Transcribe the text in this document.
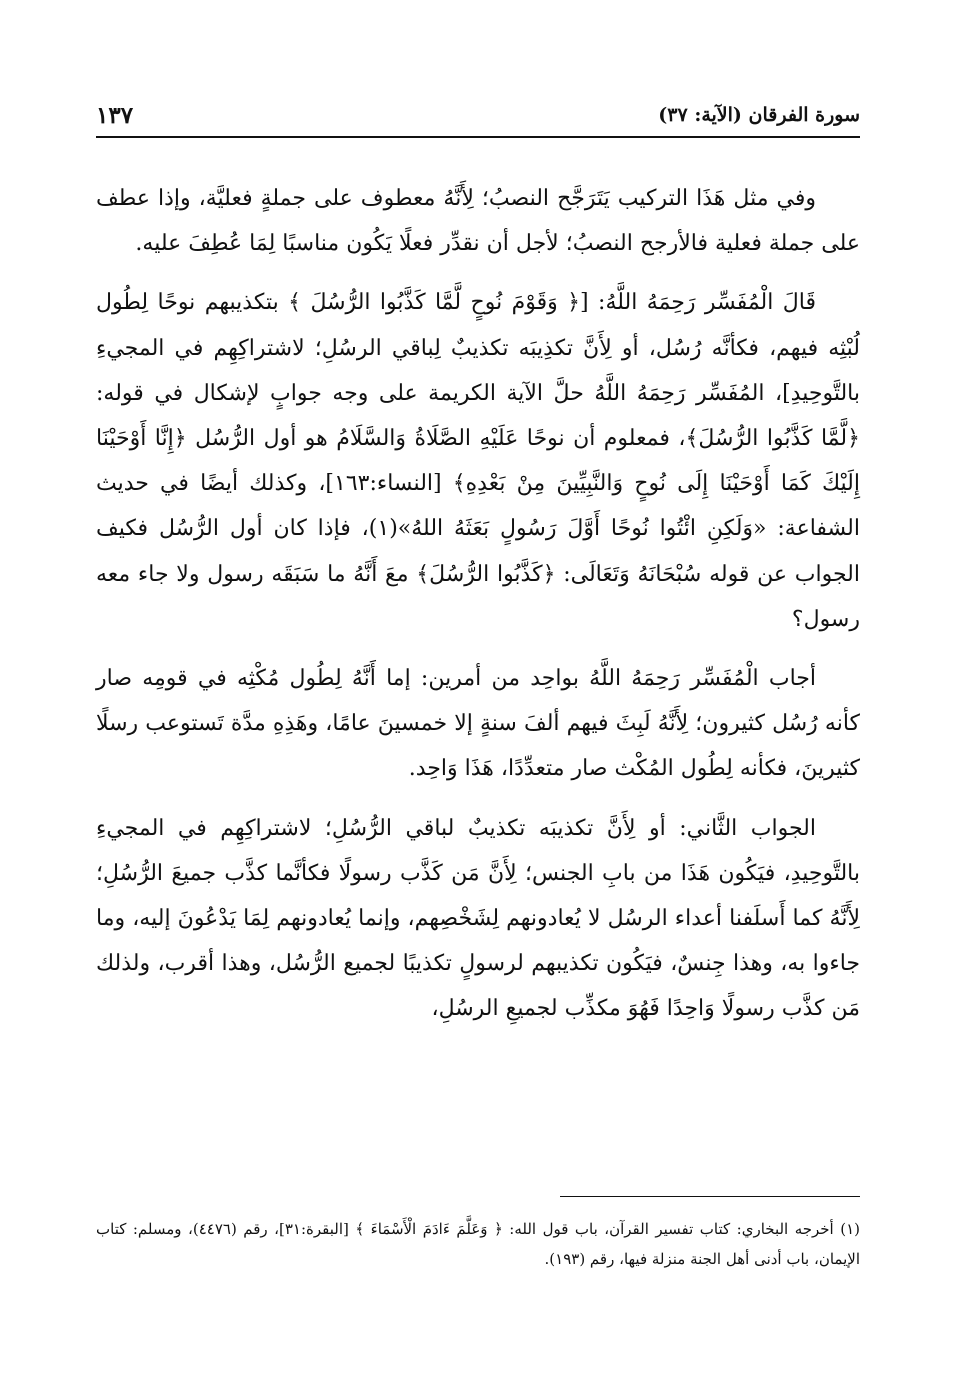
سورة الفرقان (الآية: ٣٧)
١٣٧

وفي مثل هَذَا التركيب يَتَرَجَّح النصبُ؛ لِأَنَّهُ معطوف على جملةٍ فعليَّة، وإذا عطف على جملة فعلية فالأرجح النصبُ؛ لأجل أن نقدِّر فعلًا يَكُون مناسبًا لِمَا عُطِفَ عليه.

قَالَ الْمُفَسِّر رَحِمَهُ اللَّهُ: [﴿ وَقَوْمَ نُوحٍ لَّمَّا كَذَّبُوا الرُّسُلَ ﴾ بتكذيبهم نوحًا لِطُول لُبْثِه فيهم، فكأنَّه رُسُل، أو لِأَنَّ تكذِيبَه تكذيبٌ لِباقي الرسُلِ؛ لاشتراكِهِم في المجيءِ بالتَّوحِيدِ]، المُفَسِّر رَحِمَهُ اللَّهُ حلَّ الآية الكريمة على وجه جوابٍ لإشكال في قوله: ﴿لَّمَّا كَذَّبُوا الرُّسُلَ﴾، فمعلوم أن نوحًا عَلَيْهِ الصَّلَاةُ وَالسَّلَامُ هو أول الرُّسُل ﴿إِنَّا أَوْحَيْنَا إِلَيْكَ كَمَا أَوْحَيْنَا إِلَى نُوحٍ وَالنَّبِيِّينَ مِنْ بَعْدِهِ﴾ [النساء:١٦٣]، وكذلك أيضًا في حديث الشفاعة: «وَلَكِنِ ائْتُوا نُوحًا أَوَّلَ رَسُولٍ بَعَثَهُ اللهُ»(١)، فإذا كان أول الرُّسُل فكيف الجواب عن قوله سُبْحَانَهُ وَتَعَالَى: ﴿كَذَّبُوا الرُّسُلَ﴾ معَ أَنَّهُ ما سَبَقَه رسول ولا جاء معه رسول؟

أجاب الْمُفَسِّر رَحِمَهُ اللَّهُ بواحِد من أمرين: إما أَنَّهُ لِطُول مُكْثِه في قومِه صار كأنه رُسُل كثيرون؛ لِأَنَّهُ لَبِثَ فيهم ألفَ سنةٍ إلا خمسينَ عامًا، وهَذِهِ مدَّة تَستوعب رسلًا كثيرينَ، فكأنه لِطُول المُكْث صار متعدِّدًا، هَذَا وَاحِد.

الجواب الثَّاني: أو لِأَنَّ تكذيبَه تكذيبٌ لباقي الرُّسُلِ؛ لاشتراكِهِم في المجيءِ بالتَّوحِيدِ، فيَكُون هَذَا من بابِ الجنس؛ لِأَنَّ مَن كَذَّب رسولًا فكأنَّما كذَّب جميعَ الرُّسُلِ؛ لِأَنَّهُ كما أَسلَفنا أعداء الرسُل لا يُعادونهم لِشَخْصِهم، وإنما يُعادونهم لِمَا يَدْعُونَ إليه، وما جاءوا به، وهذا جِنسٌ، فيَكُون تكذيبهم لرسولٍ تكذيبًا لجميع الرُّسُل، وهذا أقرب، ولذلك مَن كذَّب رسولًا وَاحِدًا فَهُوَ مكذِّب لجميعِ الرسُلِ،

(١) أخرجه البخاري: كتاب تفسير القرآن، باب قول الله: ﴿ وَعَلَّمَ ءَادَمَ الْأَسْمَاءَ ﴾ [البقرة:٣١]، رقم (٤٤٧٦)، ومسلم: كتاب الإيمان، باب أدنى أهل الجنة منزلة فيها، رقم (١٩٣).
